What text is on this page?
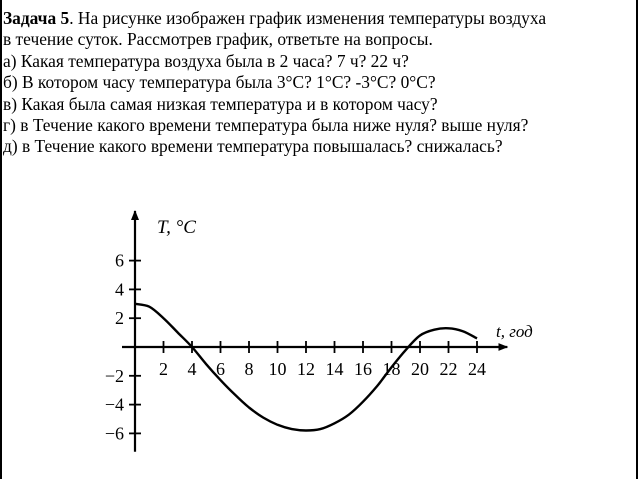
Задача 5. На рисунке изображен график изменения температуры воздуха
в течение суток. Рассмотрев график, ответьте на вопросы.
а) Какая температура воздуха была в 2 часа? 7 ч? 22 ч?
б) В котором часу температура была 3°С? 1°С? -3°С? 0°С?
в) Какая была самая низкая температура и в котором часу?
г) в Течение какого времени температура была ниже нуля? выше нуля?
д) в Течение какого времени температура повышалась? снижалась?
2 4 6 8 10 12 14 16 18 20 22 24
6
4
2
−2
−4
−6
T, °C
t, год
